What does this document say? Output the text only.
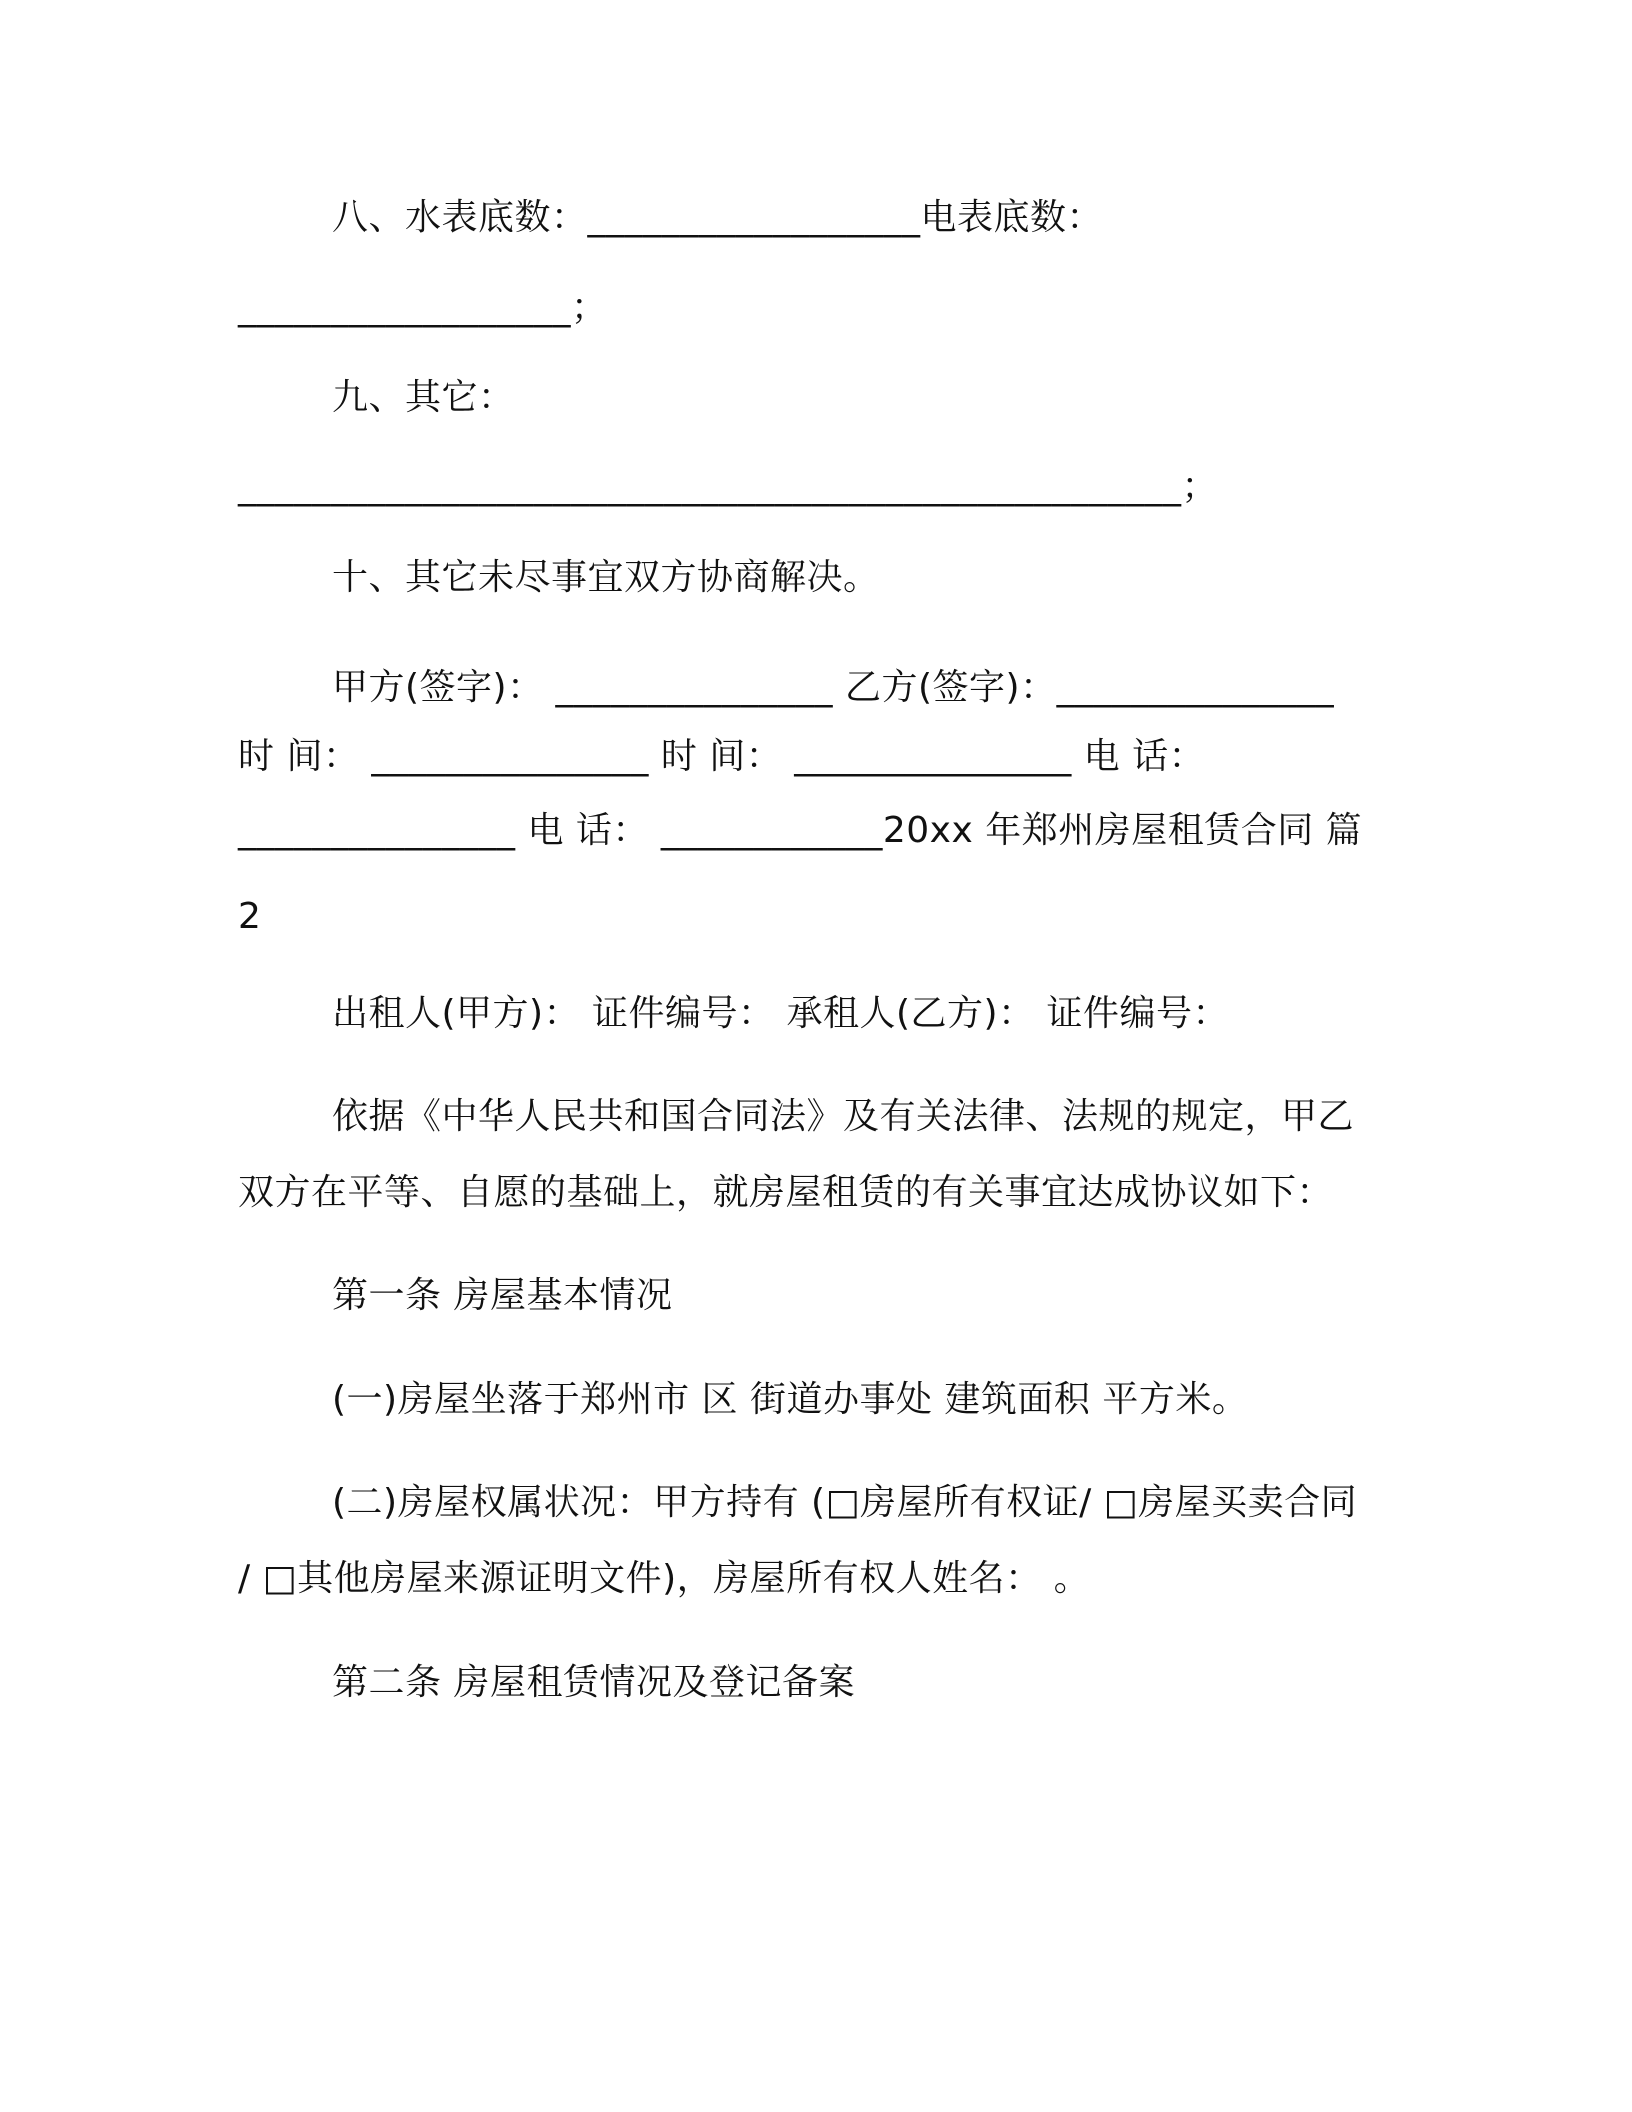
八、水表底数：__________________电表底数：
__________________；
九、其它：
___________________________________________________；
十、其它未尽事宜双方协商解决。
甲方(签字)： _______________ 乙方(签字)：_______________
时 间： _______________ 时 间： _______________ 电 话：
_______________ 电 话： ____________20xx 年郑州房屋租赁合同 篇
2
出租人(甲方)： 证件编号： 承租人(乙方)： 证件编号：
依据《中华人民共和国合同法》及有关法律、法规的规定，甲乙
双方在平等、自愿的基础上，就房屋租赁的有关事宜达成协议如下：
第一条 房屋基本情况
(一)房屋坐落于郑州市 区 街道办事处 建筑面积 平方米。
(二)房屋权属状况：甲方持有 (□房屋所有权证/ □房屋买卖合同
/ □其他房屋来源证明文件)，房屋所有权人姓名： 。
第二条 房屋租赁情况及登记备案
